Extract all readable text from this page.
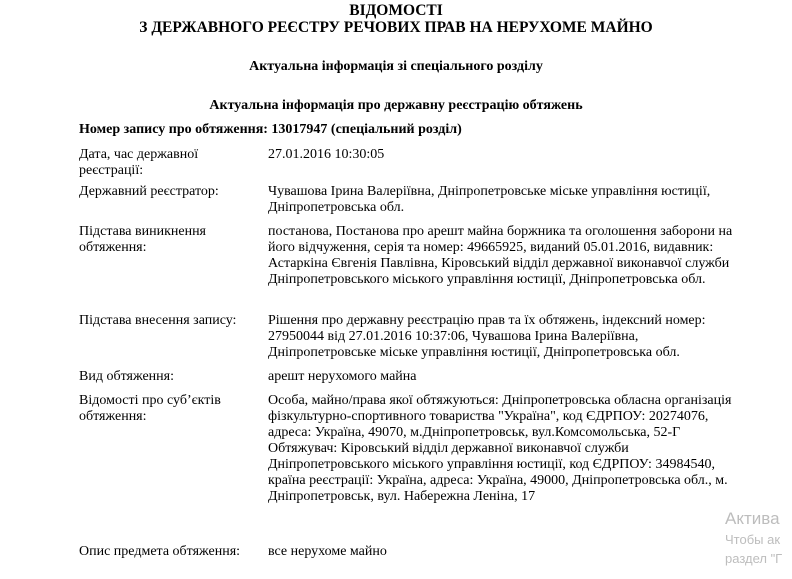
ВІДОМОСТІ
З ДЕРЖАВНОГО РЕЄСТРУ РЕЧОВИХ ПРАВ НА НЕРУХОМЕ МАЙНО
Актуальна інформація зі спеціального розділу
Актуальна інформація про державну реєстрацію обтяжень
Номер запису про обтяження: 13017947 (спеціальний розділ)
Дата, час державної реєстрації:
27.01.2016 10:30:05
Державний реєстратор:	Чувашова Ірина Валеріївна, Дніпропетровське міське управління юстиції, Дніпропетровська обл.
Підстава виникнення обтяження:
постанова, Постанова про арешт майна боржника та оголошення заборони на його відчуження, серія та номер: 49665925, виданий 05.01.2016, видавник: Астаркіна Євгенія Павлівна, Кіровський відділ державної виконавчої служби Дніпропетровського міського управління юстиції, Дніпропетровська обл.
Підстава внесення запису:	Рішення про державну реєстрацію прав та їх обтяжень, індексний номер: 27950044 від 27.01.2016 10:37:06, Чувашова Ірина Валеріївна, Дніпропетровське міське управління юстиції, Дніпропетровська обл.
Вид обтяження:	арешт нерухомого майна
Відомості про суб’єктів обтяження:
Особа, майно/права якої обтяжуються: Дніпропетровська обласна організація фізкультурно-спортивного товариства "Україна", код ЄДРПОУ: 20274076, адреса: Україна, 49070, м.Дніпропетровськ, вул.Комсомольська, 52-Г
Обтяжувач: Кіровський відділ державної виконавчої служби Дніпропетровського міського управління юстиції, код ЄДРПОУ: 34984540, країна реєстрації: Україна, адреса: Україна, 49000, Дніпропетровська обл., м. Дніпропетровськ, вул. Набережна Леніна, 17
Опис предмета обтяження:	все нерухоме майно
Актива
Чтобы ак
раздел "Г
